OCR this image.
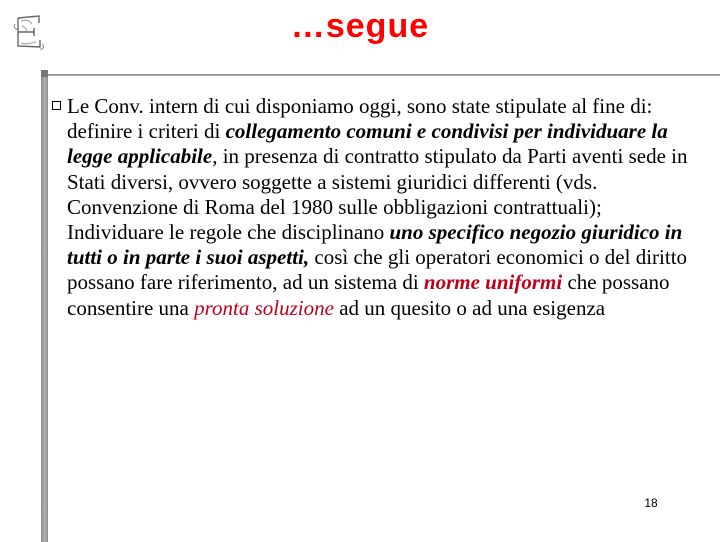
…segue
Le Conv. intern di cui disponiamo oggi, sono state stipulate al fine di: definire i criteri di collegamento comuni e condivisi per individuare la legge applicabile, in presenza di contratto stipulato da Parti aventi sede in Stati diversi, ovvero soggette a sistemi giuridici differenti (vds. Convenzione di Roma del 1980 sulle obbligazioni contrattuali); Individuare le regole che disciplinano uno specifico negozio giuridico in tutti o in parte i suoi aspetti, così che gli operatori economici o del diritto possano fare riferimento, ad un sistema di norme uniformi che possano consentire una pronta soluzione ad un quesito o ad una esigenza
18
